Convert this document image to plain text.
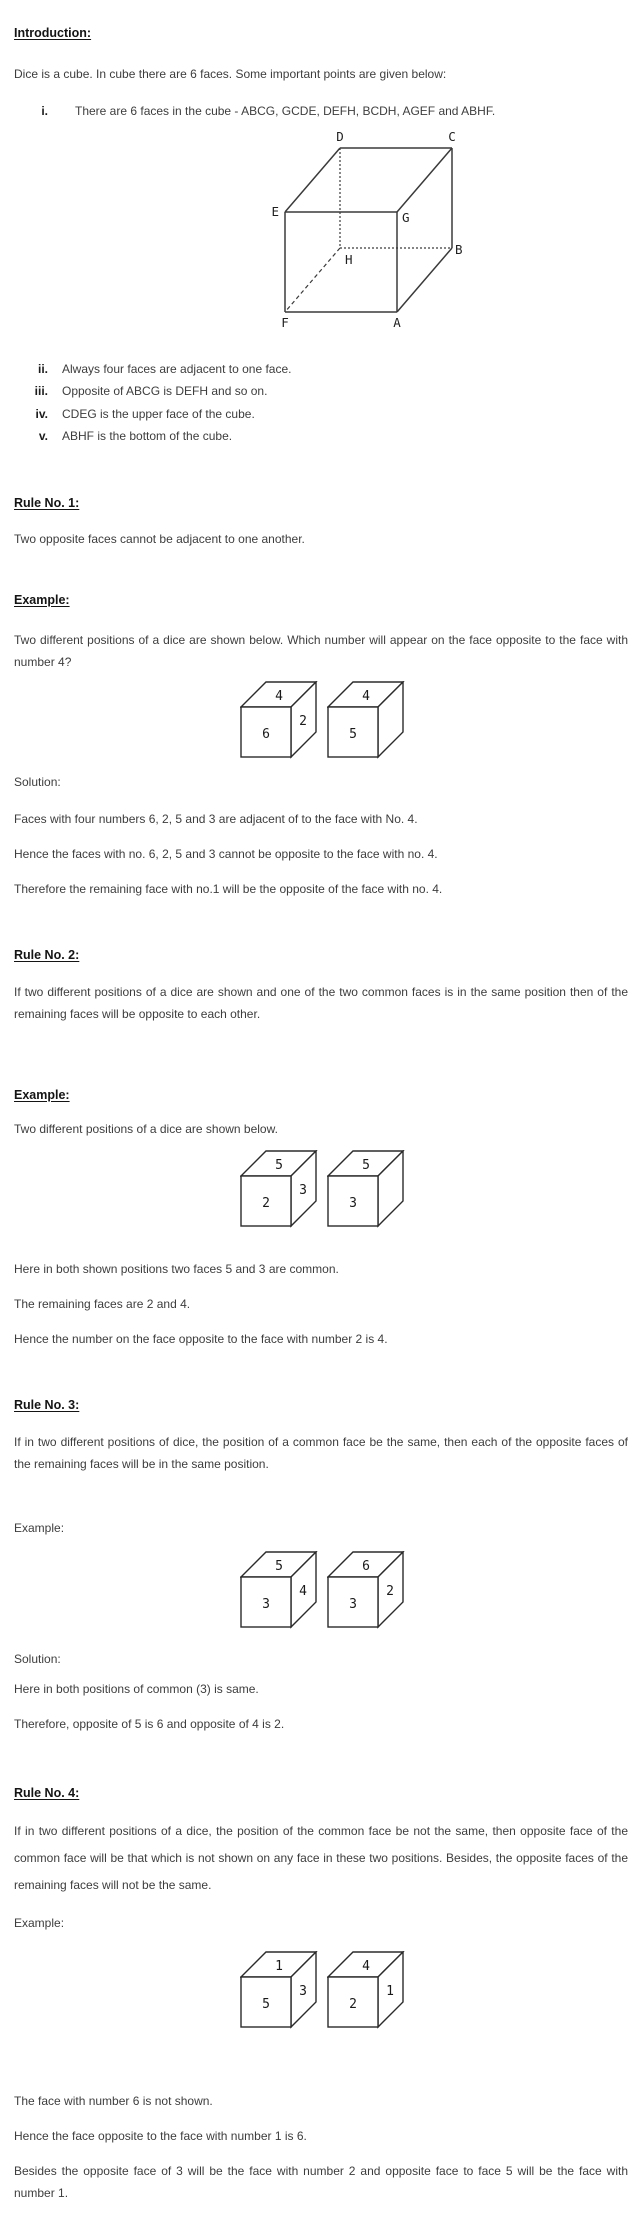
Introduction:
Dice is a cube. In cube there are 6 faces. Some important points are given below:
i. There are 6 faces in the cube - ABCG, GCDE, DEFH, BCDH, AGEF and ABHF.
D	C
E	G
B
H
F	A
ii. Always four faces are adjacent to one face.
iii. Opposite of ABCG is DEFH and so on.
iv. CDEG is the upper face of the cube.
v. ABHF is the bottom of the cube.
Rule No. 1:
Two opposite faces cannot be adjacent to one another.
Example:
Two different positions of a dice are shown below. Which number will appear on the face opposite to the face with number 4?
4
2
6
4
5
Solution:

Faces with four numbers 6, 2, 5 and 3 are adjacent of to the face with No. 4.

Hence the faces with no. 6, 2, 5 and 3 cannot be opposite to the face with no. 4.

Therefore the remaining face with no.1 will be the opposite of the face with no. 4.

Rule No. 2:
If two different positions of a dice are shown and one of the two common faces is in the same position then of the remaining faces will be opposite to each other.
Example:
Two different positions of a dice are shown below.
5
3
2
5
3

Here in both shown positions two faces 5 and 3 are common.

The remaining faces are 2 and 4.

Hence the number on the face opposite to the face with number 2 is 4.

Rule No. 3:
If in two different positions of dice, the position of a common face be the same, then each of the opposite faces of the remaining faces will be in the same position.
Example:
5
4
3
6
2
3
Solution:

Here in both positions of common (3) is same.

Therefore, opposite of 5 is 6 and opposite of 4 is 2.

Rule No. 4:
If in two different positions of a dice, the position of the common face be not the same, then opposite face of the common face will be that which is not shown on any face in these two positions. Besides, the opposite faces of the remaining faces will not be the same.
Example:
1
3
5
4
1
2

The face with number 6 is not shown.

Hence the face opposite to the face with number 1 is 6.

Besides the opposite face of 3 will be the face with number 2 and opposite face to face 5 will be the face with number 1.
